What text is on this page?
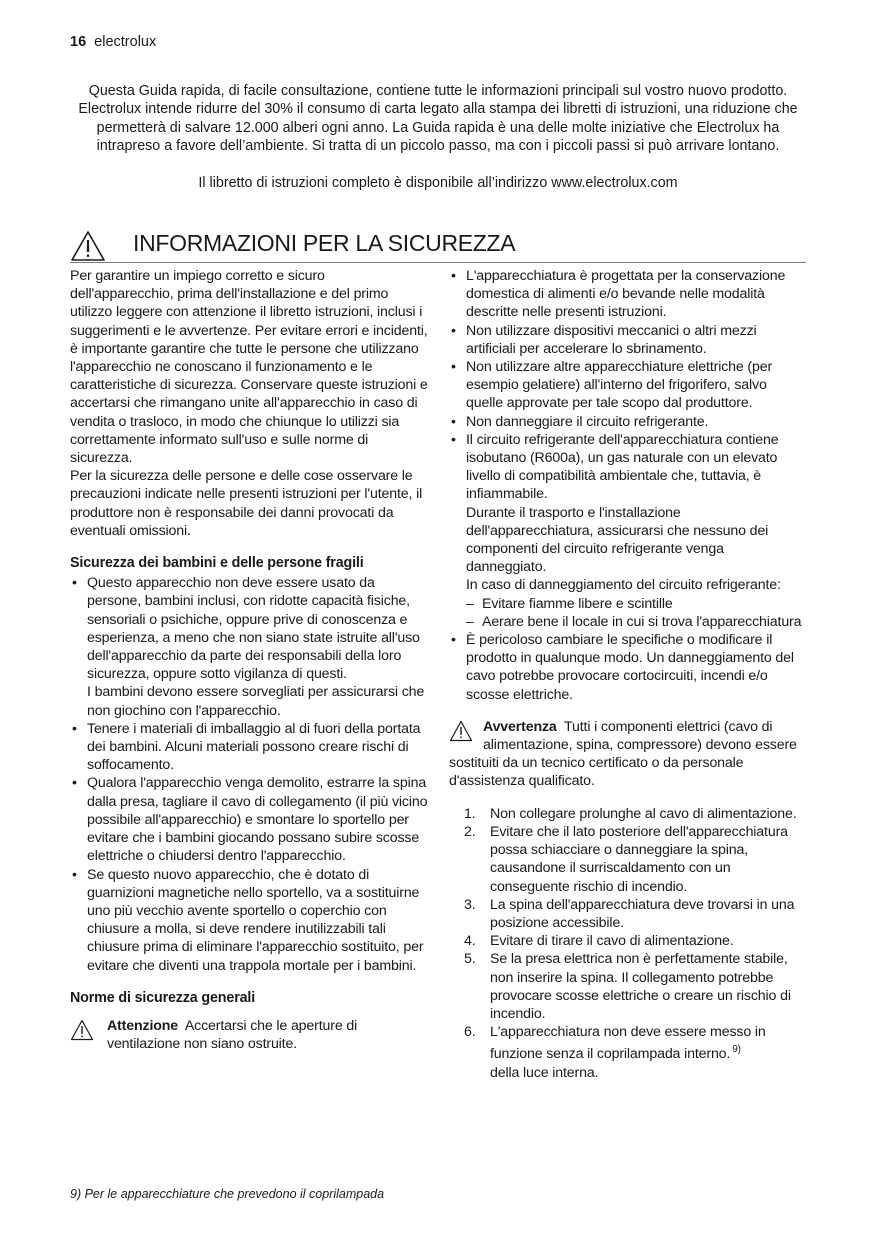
16 electrolux

Questa Guida rapida, di facile consultazione, contiene tutte le informazioni principali sul vostro nuovo prodotto. Electrolux intende ridurre del 30% il consumo di carta legato alla stampa dei libretti di istruzioni, una riduzione che permetterà di salvare 12.000 alberi ogni anno. La Guida rapida è una delle molte iniziative che Electrolux ha intrapreso a favore dell’ambiente. Si tratta di un piccolo passo, ma con i piccoli passi si può arrivare lontano.

Il libretto di istruzioni completo è disponibile all’indirizzo www.electrolux.com

INFORMAZIONI PER LA SICUREZZA

Per garantire un impiego corretto e sicuro dell'apparecchio, prima dell'installazione e del primo utilizzo leggere con attenzione il libretto istruzioni, inclusi i suggerimenti e le avvertenze. Per evitare errori e incidenti, è importante garantire che tutte le persone che utilizzano l'apparecchio ne conoscano il funzionamento e le caratteristiche di sicurezza. Conservare queste istruzioni e accertarsi che rimangano unite all'apparecchio in caso di vendita o trasloco, in modo che chiunque lo utilizzi sia correttamente informato sull'uso e sulle norme di sicurezza.

Per la sicurezza delle persone e delle cose osservare le precauzioni indicate nelle presenti istruzioni per l'utente, il produttore non è responsabile dei danni provocati da eventuali omissioni.

Sicurezza dei bambini e delle persone fragili
• Questo apparecchio non deve essere usato da persone, bambini inclusi, con ridotte capacità fisiche, sensoriali o psichiche, oppure prive di conoscenza e esperienza, a meno che non siano state istruite all'uso dell'apparecchio da parte dei responsabili della loro sicurezza, oppure sotto vigilanza di questi.
I bambini devono essere sorvegliati per assicurarsi che non giochino con l'apparecchio.
• Tenere i materiali di imballaggio al di fuori della portata dei bambini. Alcuni materiali possono creare rischi di soffocamento.
• Qualora l'apparecchio venga demolito, estrarre la spina dalla presa, tagliare il cavo di collegamento (il più vicino possibile all'apparecchio) e smontare lo sportello per evitare che i bambini giocando possano subire scosse elettriche o chiudersi dentro l'apparecchio.
• Se questo nuovo apparecchio, che è dotato di guarnizioni magnetiche nello sportello, va a sostituirne uno più vecchio avente sportello o coperchio con chiusure a molla, si deve rendere inutilizzabili tali chiusure prima di eliminare l'apparecchio sostituito, per evitare che diventi una trappola mortale per i bambini.
Norme di sicurezza generali
Attenzione Accertarsi che le aperture di ventilazione non siano ostruite.
• L'apparecchiatura è progettata per la conservazione domestica di alimenti e/o bevande nelle modalità descritte nelle presenti istruzioni.
• Non utilizzare dispositivi meccanici o altri mezzi artificiali per accelerare lo sbrinamento.
• Non utilizzare altre apparecchiature elettriche (per esempio gelatiere) all'interno del frigorifero, salvo quelle approvate per tale scopo dal produttore.
• Non danneggiare il circuito refrigerante.
• Il circuito refrigerante dell'apparecchiatura contiene isobutano (R600a), un gas naturale con un elevato livello di compatibilità ambientale che, tuttavia, è infiammabile.
Durante il trasporto e l'installazione dell'apparecchiatura, assicurarsi che nessuno dei componenti del circuito refrigerante venga danneggiato.
In caso di danneggiamento del circuito refrigerante:
– Evitare fiamme libere e scintille
– Aerare bene il locale in cui si trova l'apparecchiatura
• È pericoloso cambiare le specifiche o modificare il prodotto in qualunque modo. Un danneggiamento del cavo potrebbe provocare cortocircuiti, incendi e/o scosse elettriche.
Avvertenza Tutti i componenti elettrici (cavo di alimentazione, spina, compressore) devono essere sostituiti da un tecnico certificato o da personale d'assistenza qualificato.
1. Non collegare prolunghe al cavo di alimentazione.
2. Evitare che il lato posteriore dell'apparecchiatura possa schiacciare o danneggiare la spina, causandone il surriscaldamento con un conseguente rischio di incendio.
3. La spina dell'apparecchiatura deve trovarsi in una posizione accessibile.
4. Evitare di tirare il cavo di alimentazione.
5. Se la presa elettrica non è perfettamente stabile, non inserire la spina. Il collegamento potrebbe provocare scosse elettriche o creare un rischio di incendio.
6. L'apparecchiatura non deve essere messo in funzione senza il coprilampada interno. $^{9)}$
della luce interna.
9) Per le apparecchiature che prevedono il coprilampada
